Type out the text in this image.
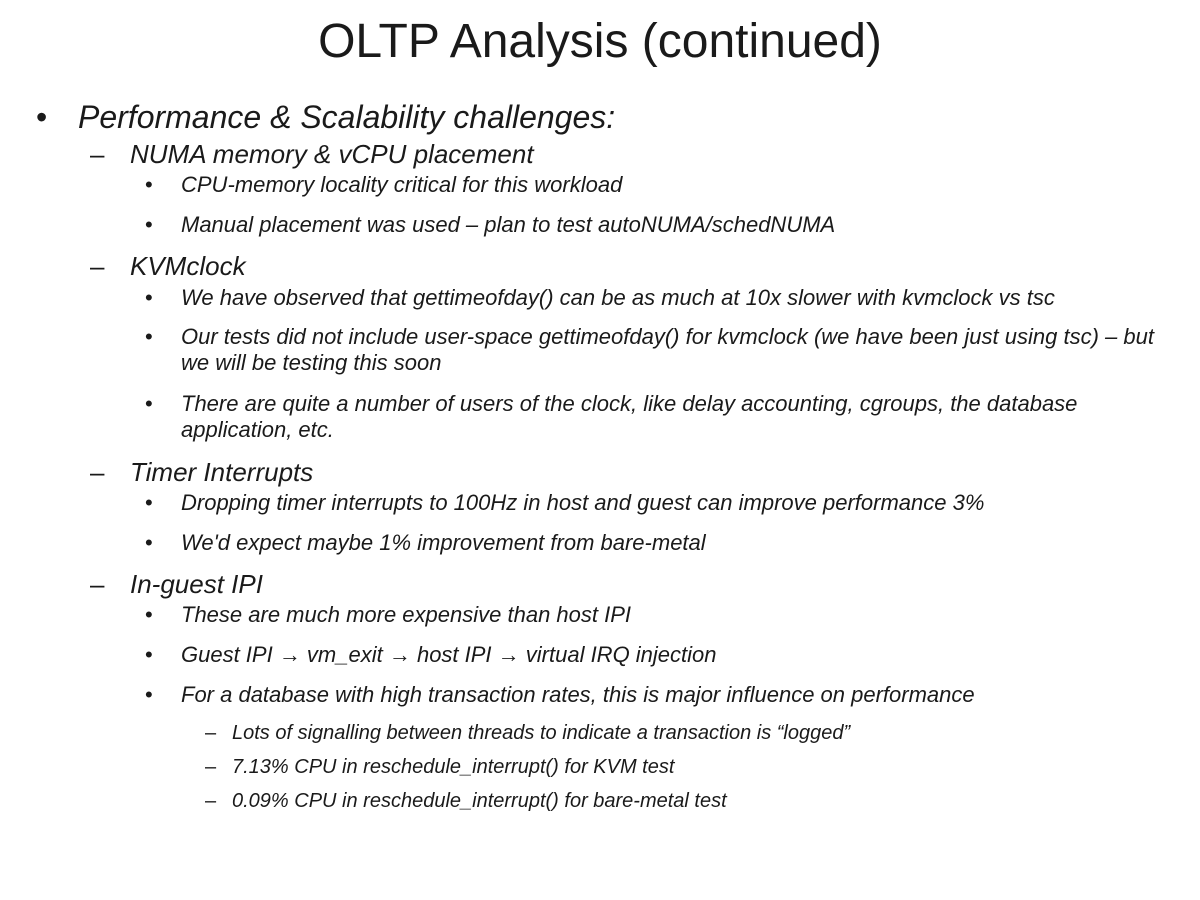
OLTP Analysis (continued)
• Performance & Scalability challenges:
– NUMA memory & vCPU placement
• CPU-memory locality critical for this workload
• Manual placement was used – plan to test autoNUMA/schedNUMA
– KVMclock
• We have observed that gettimeofday() can be as much at 10x slower with kvmclock vs tsc
• Our tests did not include user-space gettimeofday() for kvmclock (we have been just using tsc) – but we will be testing this soon
• There are quite a number of users of the clock, like delay accounting, cgroups, the database application, etc.
– Timer Interrupts
• Dropping timer interrupts to 100Hz in host and guest can improve performance 3%
• We'd expect maybe 1% improvement from bare-metal
– In-guest IPI
• These are much more expensive than host IPI
• Guest IPI → vm_exit → host IPI → virtual IRQ injection
• For a database with high transaction rates, this is major influence on performance
– Lots of signalling between threads to indicate a transaction is “logged”
– 7.13% CPU in reschedule_interrupt() for KVM test
– 0.09% CPU in reschedule_interrupt() for bare-metal test
